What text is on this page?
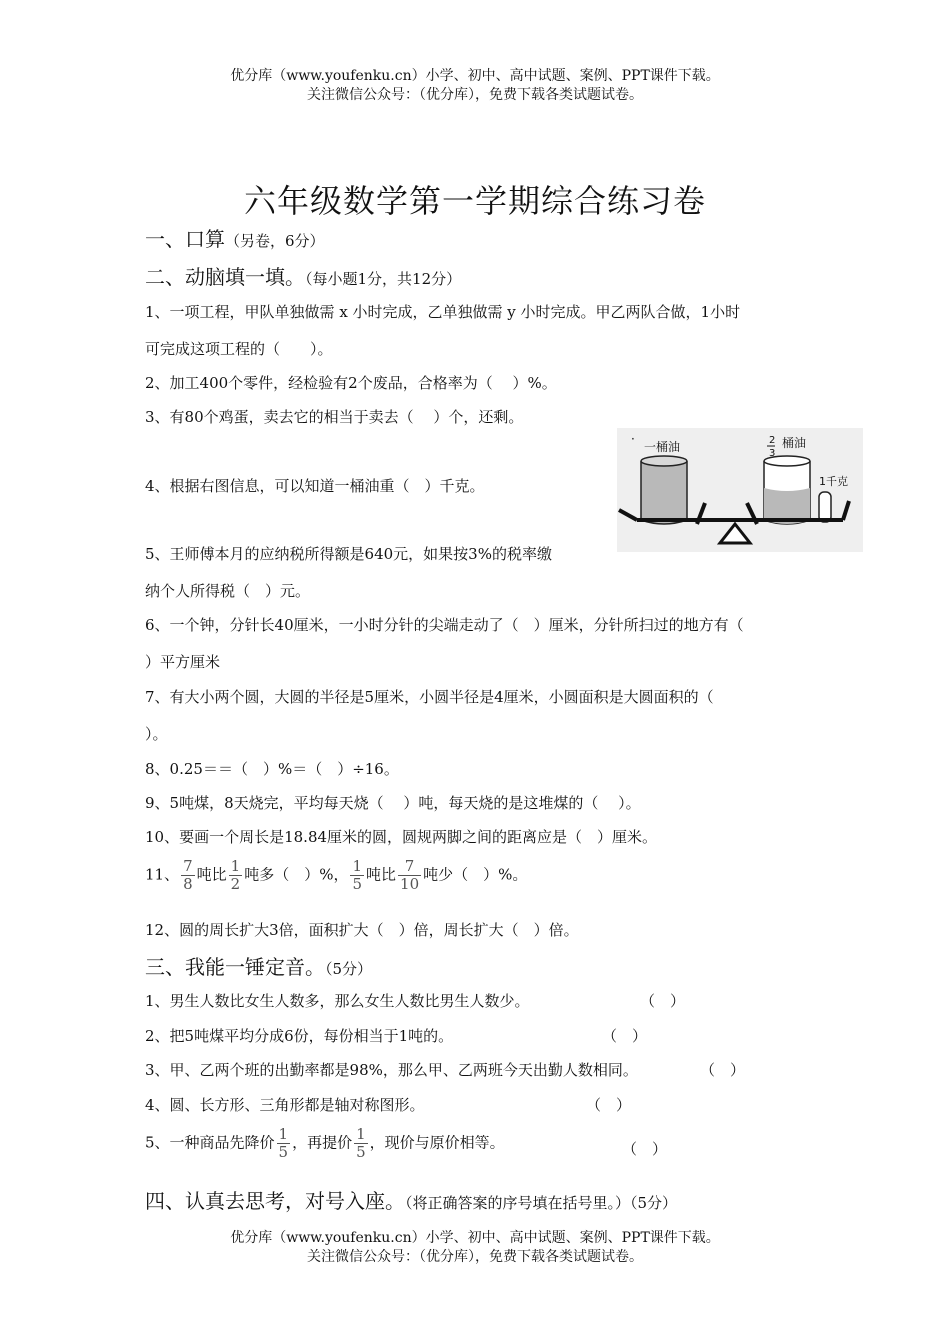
优分库（www.youfenku.cn）小学、初中、高中试题、案例、PPT课件下载。
关注微信公众号：（优分库），免费下载各类试题试卷。
六年级数学第一学期综合练习卷
一、口算（另卷，6分）
二、动脑填一填。（每小题1分，共12分）
1、一项工程，甲队单独做需 x 小时完成，乙单独做需 y 小时完成。甲乙两队合做，1小时
可完成这项工程的（　　）。
2、加工400个零件，经检验有2个废品，合格率为（　 ）%。
3、有80个鸡蛋，卖去它的相当于卖去（　 ）个，还剩。
4、根据右图信息，可以知道一桶油重（　）千克。
·
一桶油	2
3
桶油
1千克
5、王师傅本月的应纳税所得额是640元，如果按3%的税率缴
纳个人所得税（　）元。
6、一个钟，分针长40厘米，一小时分针的尖端走动了（　）厘米，分针所扫过的地方有（
）平方厘米
7、有大小两个圆，大圆的半径是5厘米，小圆半径是4厘米，小圆面积是大圆面积的（
）。
8、0.25＝＝（　）%＝（　）÷16。
9、5吨煤，8天烧完，平均每天烧（　 ）吨，每天烧的是这堆煤的（　 ）。
10、要画一个周长是18.84厘米的圆，圆规两脚之间的距离应是（　）厘米。
11、 $\frac{7}{8}$ 吨比 $\frac{1}{2}$ 吨多（　）%， $\frac{1}{5}$ 吨比 $\frac{7}{10}$ 吨少（　）%。
12、圆的周长扩大3倍，面积扩大（　）倍，周长扩大（　）倍。
三、我能一锤定音。（5分）
1、男生人数比女生人数多，那么女生人数比男生人数少。	（　）
2、把5吨煤平均分成6份，每份相当于1吨的。	（　）
3、甲、乙两个班的出勤率都是98%，那么甲、乙两班今天出勤人数相同。	（　）
4、圆、长方形、三角形都是轴对称图形。	（　）
5、一种商品先降价 $\frac{1}{5}$ ，再提价 $\frac{1}{5}$ ，现价与原价相等。	（　）
四、认真去思考，对号入座。（将正确答案的序号填在括号里。）（5分）
优分库（www.youfenku.cn）小学、初中、高中试题、案例、PPT课件下载。
关注微信公众号：（优分库），免费下载各类试题试卷。
